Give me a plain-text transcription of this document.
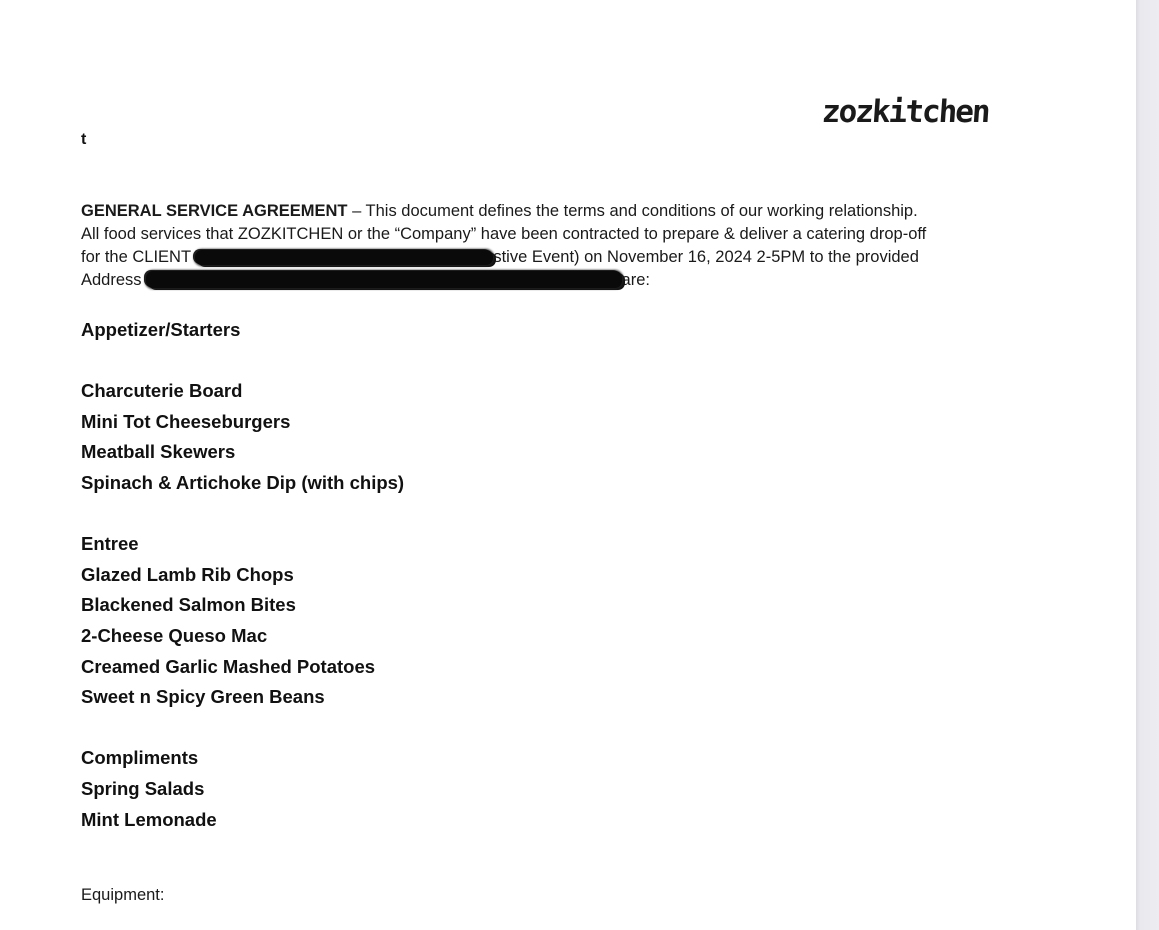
zozkitchen
t
GENERAL SERVICE AGREEMENT – This document defines the terms and conditions of our working relationship.
All food services that ZOZKITCHEN or the “Company” have been contracted to prepare & deliver a catering drop-off
for the CLIENT	stive Event) on November 16, 2024 2-5PM to the provided
Address	are:
Appetizer/Starters
Charcuterie Board
Mini Tot Cheeseburgers
Meatball Skewers
Spinach & Artichoke Dip (with chips)
Entree
Glazed Lamb Rib Chops
Blackened Salmon Bites
2-Cheese Queso Mac
Creamed Garlic Mashed Potatoes
Sweet n Spicy Green Beans
Compliments
Spring Salads
Mint Lemonade
Equipment:
